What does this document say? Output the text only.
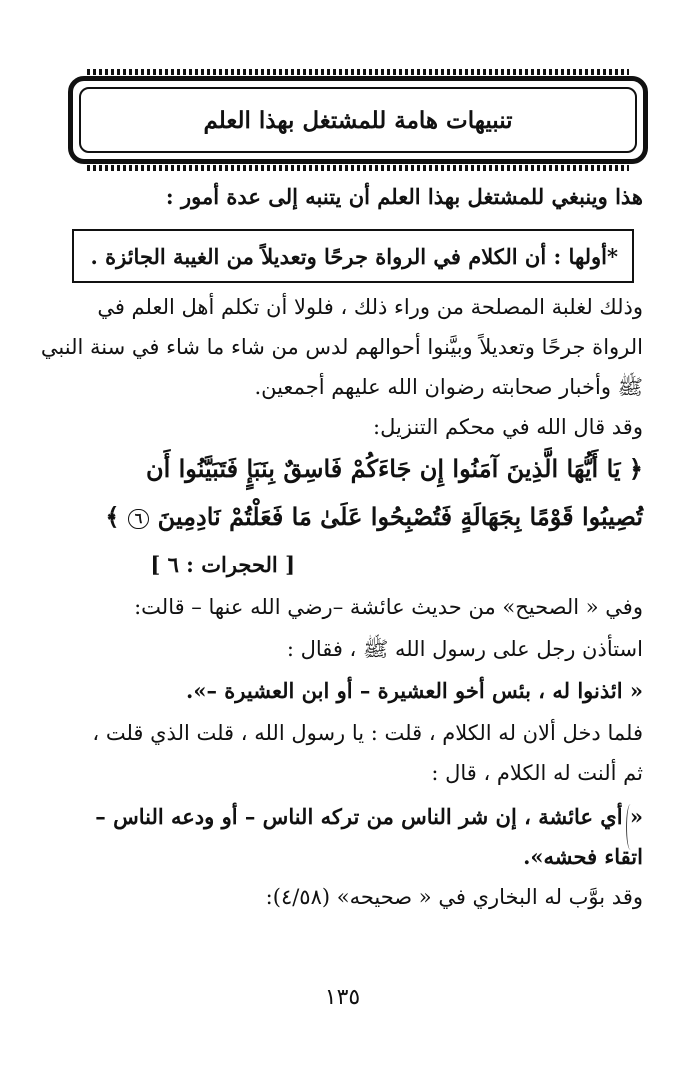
تنبيهات هامة للمشتغل بهذا العلم
هذا وينبغي للمشتغل بهذا العلم أن يتنبه إلى عدة أمور :
*أولها : أن الكلام في الرواة جرحًا وتعديلاً من الغيبة الجائزة .
وذلك لغلبة المصلحة من وراء ذلك ، فلولا أن تكلم أهل العلم في
الرواة جرحًا وتعديلاً وبيَّنوا أحوالهم لدس من شاء ما شاء في سنة النبي
ﷺ وأخبار صحابته رضوان الله عليهم أجمعين.
وقد قال الله في محكم التنزيل:
﴿ يَا أَيُّهَا الَّذِينَ آمَنُوا إِن جَاءَكُمْ فَاسِقٌ بِنَبَإٍ فَتَبَيَّنُوا أَن
تُصِيبُوا قَوْمًا بِجَهَالَةٍ فَتُصْبِحُوا عَلَىٰ مَا فَعَلْتُمْ نَادِمِينَ ٦ ﴾
[ الحجرات : ٦ ]
وفي « الصحيح» من حديث عائشة –رضي الله عنها – قالت:
استأذن رجل على رسول الله ﷺ ، فقال :
« ائذنوا له ، بئس أخو العشيرة – أو ابن العشيرة –».
فلما دخل ألان له الكلام ، قلت : يا رسول الله ، قلت الذي قلت ،
ثم ألنت له الكلام ، قال :
« أي عائشة ، إن شر الناس من تركه الناس – أو ودعه الناس –
اتقاء فحشه».
وقد بوَّب له البخاري في « صحيحه» (٤/٥٨):
١٣٥
